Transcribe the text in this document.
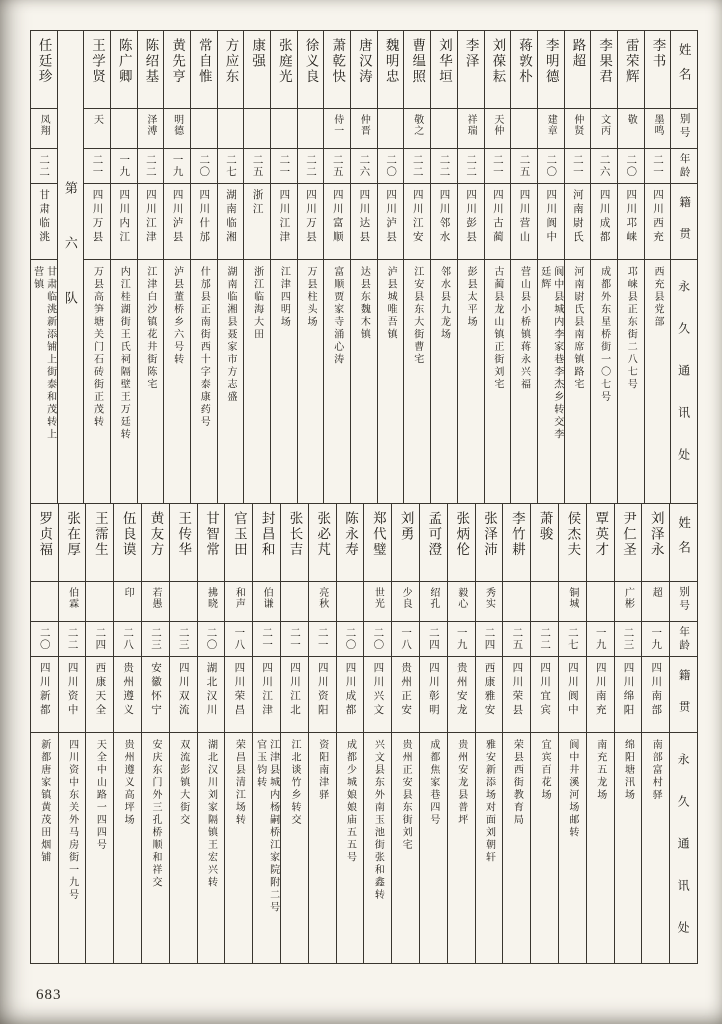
姓名
别号
年龄
籍贯
永久通讯处
李书
墨鸣
二一
四川西充
西充县党部
雷荣辉
敬
二〇
四川邛崃
邛崃县正东街二八七号
李果君
文丙
二六
四川成都
成都外东星桥街一〇七号
路超
仲贤
二一
河南尉氏
河南尉氏县南席镇路宅
李明德
建章
二〇
四川阆中
阆中县城内李家巷李杰乡转交李廷辉
蒋敦朴
二五
四川营山
营山县小桥镇蒋永兴福
刘葆耘
天仲
二一
四川古蔺
古蔺县龙山镇正街刘宅
李泽
祥瑞
二二
四川彭县
彭县太平场
刘华垣
二二
四川邻水
邻水县九龙场
曹缊照
敬之
二二
四川江安
江安县东大街曹宅
魏明忠
二〇
四川泸县
泸县城唯吾镇
唐汉涛
仲晋
二六
四川达县
达县东魏木镇
萧乾快
侍一
二五
四川富顺
富顺贾家寺涌心涛
徐义良
二二
四川万县
万县柱头场
张庭光
二一
四川江津
江津四明场
康强
二五
浙江
浙江临海大田
方应东
二七
湖南临湘
湖南临湘县聂家市方志盛
常自惟
二〇
四川什邡
什邡县正南街西十字泰康药号
黄先亨
明德
一九
四川泸县
泸县董桥乡六号转
陈绍基
泽溥
二二
四川江津
江津白沙镇花井街陈宅
陈广卿
一九
四川内江
内江桂湖街王氏祠隔壁王万廷转
王学贤
天
二一
四川万县
万县高笋塘关门石砖街正茂转
第六队
任廷珍
凤翔
二二
甘肃临洮
甘肃临洮新添铺上街泰和茂转上营镇
姓名
别号
年龄
籍贯
永久通讯处
刘泽永
超
一九
四川南部
南部富村驿
尹仁圣
广彬
二三
四川绵阳
绵阳塘汛场
覃英才
一九
四川南充
南充五龙场
侯杰夫
铜城
二七
四川阆中
阆中井溪河场邮转
萧骏
二二
四川宜宾
宜宾百花场
李竹耕
二五
四川荣县
荣县西街教育局
张泽沛
秀实
二四
西康雅安
雅安新添场对面刘朝轩
张炳伦
毅心
一九
贵州安龙
贵州安龙县普坪
孟可澄
绍孔
二四
四川彰明
成都焦家巷四号
刘勇
少良
一八
贵州正安
贵州正安县东街刘宅
郑代璧
世光
二〇
四川兴文
兴文县东外南玉池街张和鑫转
陈永寿
二〇
四川成都
成都少城娘娘庙五五号
张必芃
亮秋
二一
四川资阳
资阳南津驿
张长吉
二一
四川江北
江北谈竹乡转交
封昌和
伯谦
二一
四川江津
江津县城内杨嗣桥江家院附二号官玉钧转
官玉田
和声
一八
四川荣昌
荣昌县清江场转
甘智常
拂晓
二〇
湖北汉川
湖北汉川刘家隔镇王宏兴转
王传华
二三
四川双流
双流彭镇大街交
黄友方
若愚
二三
安徽怀宁
安庆东门外三孔桥顺和祥交
伍良谟
印
二八
贵州遵义
贵州遵义高坪场
王霈生
二四
西康天全
天全中山路一四四号
张在厚
伯霖
二二
四川资中
四川资中东关外马房街一九号
罗贞福
二〇
四川新都
新都唐家镇黄茂田烟铺
683
